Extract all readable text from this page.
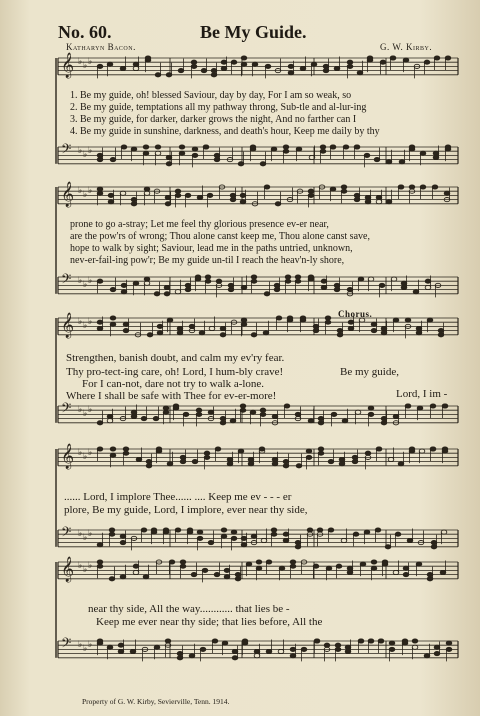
𝄞 ♭ ♭ ♭
𝄢 ♭ ♭ ♭
𝄞 ♭ ♭ ♭
𝄢 ♭ ♭ ♭
𝄞 ♭ ♭ ♭
𝄢 ♭ ♭ ♭
𝄞 ♭ ♭ ♭
𝄢 ♭ ♭ ♭
𝄞 ♭ ♭ ♭
𝄢 ♭ ♭ ♭
No. 60.	Be My Guide.
Katharyn Bacon.	G. W. Kirby.
1. Be my guide, oh! blessed Saviour, day by day, For I am so weak, so
2. Be my guide, temptations all my pathway throng, Sub-tle and al-lur-ing
3. Be my guide, for darker, darker grows the night, And no farther can I
4. Be my guide in sunshine, darkness, and death's hour, Keep me daily by thy
prone to go a-stray; Let me feel thy glorious presence ev-er near,
are the pow'rs of wrong; Thou alone canst keep me, Thou alone canst save,
hope to walk by sight; Saviour, lead me in the paths untried, unknown,
nev-er-fail-ing pow'r; Be my guide un-til I reach the heav'n-ly shore,
Chorus.
Strengthen, banish doubt, and calm my ev'ry fear.
Thy pro-tect-ing care, oh! Lord, I hum-bly crave!
For I can-not, dare not try to walk a-lone.
Where I shall be safe with Thee for ev-er-more!
Be my guide,
Lord, I im -
...... Lord, I implore Thee...... .... Keep me ev - - - er
plore, Be my guide, Lord, I implore, ever near thy side,
near thy side, All the way............ that lies be -
Keep me ever near thy side; that lies before, All the
Property of G. W. Kirby, Sevierville, Tenn. 1914.
